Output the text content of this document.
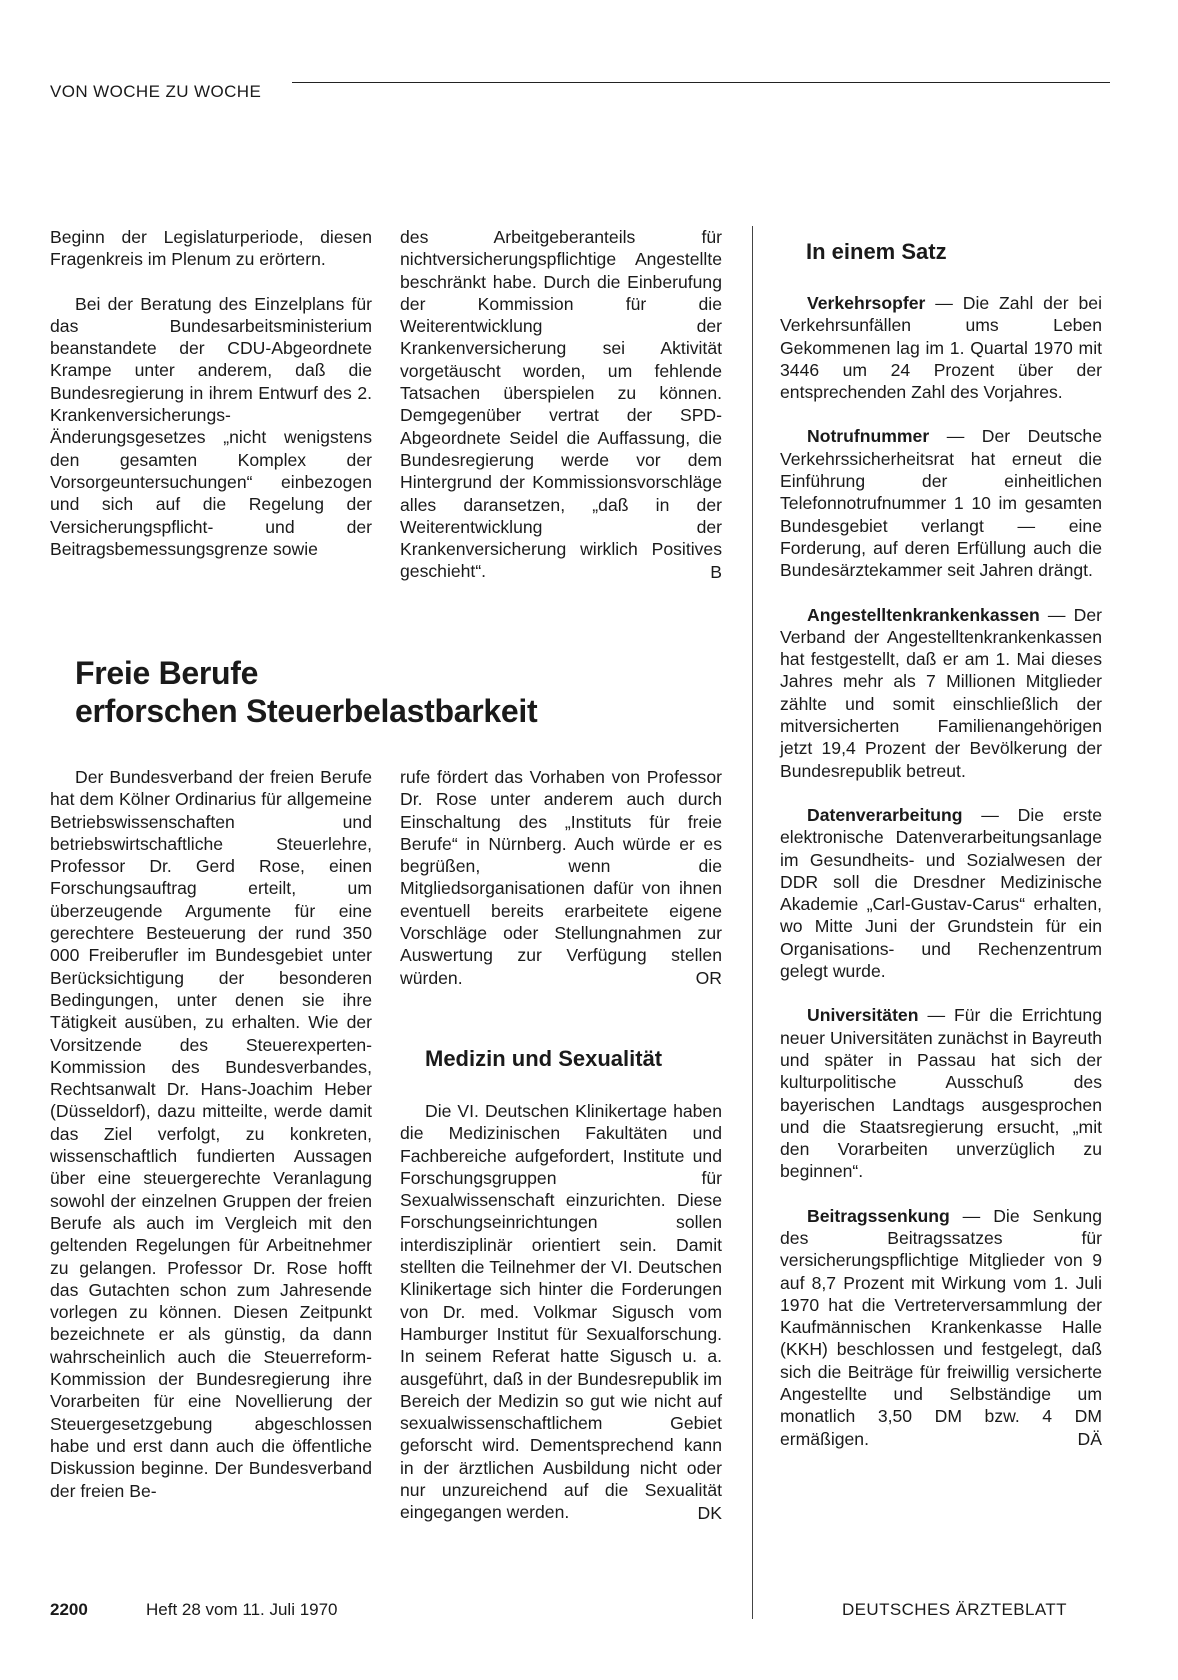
VON WOCHE ZU WOCHE

Beginn der Legislaturperiode, diesen Fragenkreis im Plenum zu erörtern.

Bei der Beratung des Einzelplans für das Bundesarbeitsministerium beanstandete der CDU-Abgeordnete Krampe unter anderem, daß die Bundesregierung in ihrem Entwurf des 2. Krankenversicherungs-Änderungsgesetzes „nicht wenigstens den gesamten Komplex der Vorsorgeuntersuchungen“ einbezogen und sich auf die Regelung der Versicherungspflicht- und der Beitragsbemessungsgrenze sowie

des Arbeitgeberanteils für nichtversicherungspflichtige Angestellte beschränkt habe. Durch die Einberufung der Kommission für die Weiterentwicklung der Krankenversicherung sei Aktivität vorgetäuscht worden, um fehlende Tatsachen überspielen zu können. Demgegenüber vertrat der SPD-Abgeordnete Seidel die Auffassung, die Bundesregierung werde vor dem Hintergrund der Kommissionsvorschläge alles daransetzen, „daß in der Weiterentwicklung der Krankenversicherung wirklich Positives geschieht“.	B
Freie Berufe
erforschen Steuerbelastbarkeit

Der Bundesverband der freien Berufe hat dem Kölner Ordinarius für allgemeine Betriebswissenschaften und betriebswirtschaftliche Steuerlehre, Professor Dr. Gerd Rose, einen Forschungsauftrag erteilt, um überzeugende Argumente für eine gerechtere Besteuerung der rund 350 000 Freiberufler im Bundesgebiet unter Berücksichtigung der besonderen Bedingungen, unter denen sie ihre Tätigkeit ausüben, zu erhalten. Wie der Vorsitzende des Steuerexperten-Kommission des Bundesverbandes, Rechtsanwalt Dr. Hans-Joachim Heber (Düsseldorf), dazu mitteilte, werde damit das Ziel verfolgt, zu konkreten, wissenschaftlich fundierten Aussagen über eine steuergerechte Veranlagung sowohl der einzelnen Gruppen der freien Berufe als auch im Vergleich mit den geltenden Regelungen für Arbeitnehmer zu gelangen. Professor Dr. Rose hofft das Gutachten schon zum Jahresende vorlegen zu können. Diesen Zeitpunkt bezeichnete er als günstig, da dann wahrscheinlich auch die Steuerreform-Kommission der Bundesregierung ihre Vorarbeiten für eine Novellierung der Steuergesetzgebung abgeschlossen habe und erst dann auch die öffentliche Diskussion beginne. Der Bundesverband der freien Be-

rufe fördert das Vorhaben von Professor Dr. Rose unter anderem auch durch Einschaltung des „Instituts für freie Berufe“ in Nürnberg. Auch würde er es begrüßen, wenn die Mitgliedsorganisationen dafür von ihnen eventuell bereits erarbeitete eigene Vorschläge oder Stellungnahmen zur Auswertung zur Verfügung stellen würden.	OR
Medizin und Sexualität

Die VI. Deutschen Klinikertage haben die Medizinischen Fakultäten und Fachbereiche aufgefordert, Institute und Forschungsgruppen für Sexualwissenschaft einzurichten. Diese Forschungseinrichtungen sollen interdisziplinär orientiert sein. Damit stellten die Teilnehmer der VI. Deutschen Klinikertage sich hinter die Forderungen von Dr. med. Volkmar Sigusch vom Hamburger Institut für Sexualforschung. In seinem Referat hatte Sigusch u. a. ausgeführt, daß in der Bundesrepublik im Bereich der Medizin so gut wie nicht auf sexualwissenschaftlichem Gebiet geforscht wird. Dementsprechend kann in der ärztlichen Ausbildung nicht oder nur unzureichend auf die Sexualität eingegangen werden.	DK
In einem Satz
Verkehrsopfer — Die Zahl der bei Verkehrsunfällen ums Leben Gekommenen lag im 1. Quartal 1970 mit 3446 um 24 Prozent über der entsprechenden Zahl des Vorjahres.
Notrufnummer — Der Deutsche Verkehrssicherheitsrat hat erneut die Einführung der einheitlichen Telefonnotrufnummer 1 10 im gesamten Bundesgebiet verlangt — eine Forderung, auf deren Erfüllung auch die Bundesärztekammer seit Jahren drängt.
Angestelltenkrankenkassen — Der Verband der Angestelltenkrankenkassen hat festgestellt, daß er am 1. Mai dieses Jahres mehr als 7 Millionen Mitglieder zählte und somit einschließlich der mitversicherten Familienangehörigen jetzt 19,4 Prozent der Bevölkerung der Bundesrepublik betreut.
Datenverarbeitung — Die erste elektronische Datenverarbeitungsanlage im Gesundheits- und Sozialwesen der DDR soll die Dresdner Medizinische Akademie „Carl-Gustav-Carus“ erhalten, wo Mitte Juni der Grundstein für ein Organisations- und Rechenzentrum gelegt wurde.
Universitäten — Für die Errichtung neuer Universitäten zunächst in Bayreuth und später in Passau hat sich der kulturpolitische Ausschuß des bayerischen Landtags ausgesprochen und die Staatsregierung ersucht, „mit den Vorarbeiten unverzüglich zu beginnen“.
Beitragssenkung — Die Senkung des Beitragssatzes für versicherungspflichtige Mitglieder von 9 auf 8,7 Prozent mit Wirkung vom 1. Juli 1970 hat die Vertreterversammlung der Kaufmännischen Krankenkasse Halle (KKH) beschlossen und festgelegt, daß sich die Beiträge für freiwillig versicherte Angestellte und Selbständige um monatlich 3,50 DM bzw. 4 DM ermäßigen.	DÄ
2200	Heft 28 vom 11. Juli 1970	DEUTSCHES ÄRZTEBLATT
